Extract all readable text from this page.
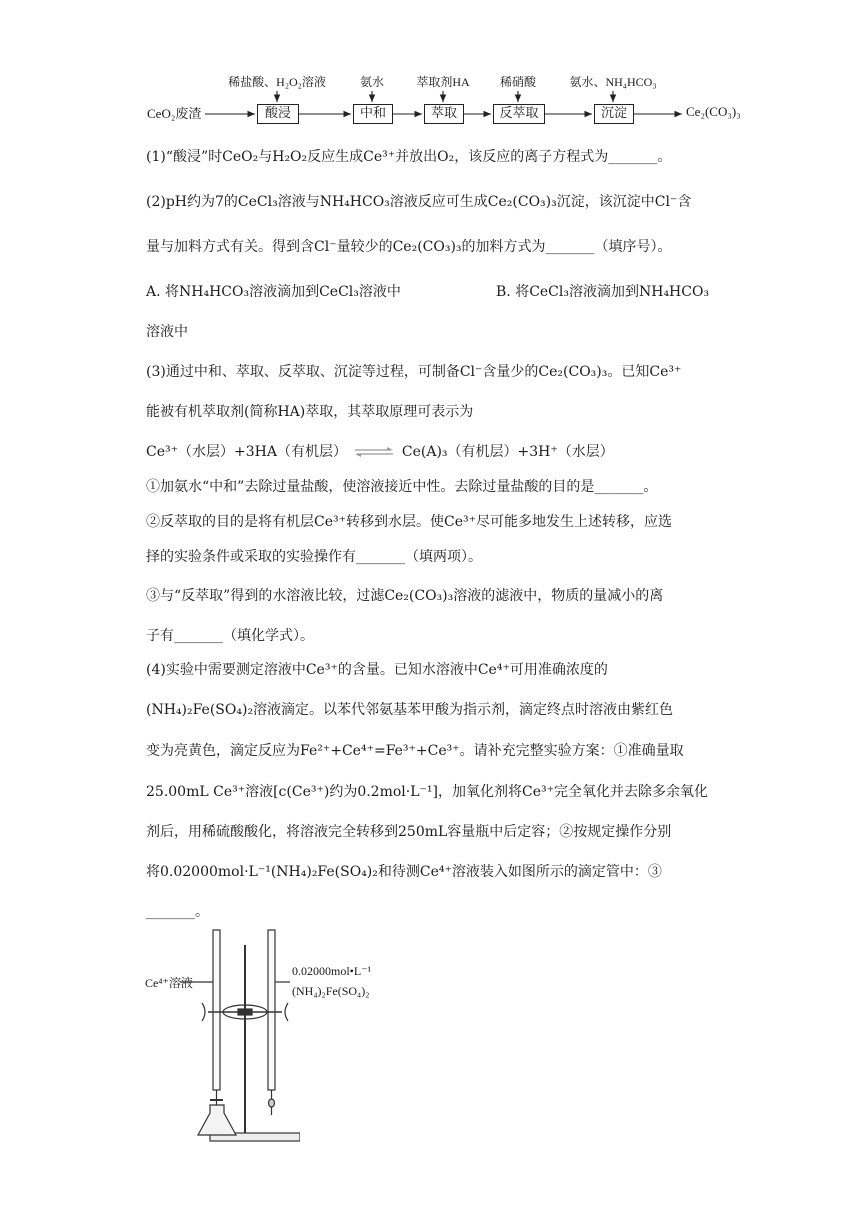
CeO₂废渣
稀盐酸、H₂O₂溶液	氨水	萃取剂HA	稀硝酸	氨水、NH₄HCO₃
酸浸	中和	萃取	反萃取	沉淀	Ce₂(CO₃)₃
(1)“酸浸”时CeO₂与H₂O₂反应生成Ce³⁺并放出O₂，该反应的离子方程式为_______。
(2)pH约为7的CeCl₃溶液与NH₄HCO₃溶液反应可生成Ce₂(CO₃)₃沉淀，该沉淀中Cl⁻含
量与加料方式有关。得到含Cl⁻量较少的Ce₂(CO₃)₃的加料方式为_______（填序号）。
A. 将NH₄HCO₃溶液滴加到CeCl₃溶液中	B. 将CeCl₃溶液滴加到NH₄HCO₃
溶液中
(3)通过中和、萃取、反萃取、沉淀等过程，可制备Cl⁻含量少的Ce₂(CO₃)₃。已知Ce³⁺
能被有机萃取剂(简称HA)萃取，其萃取原理可表示为
Ce³⁺（水层）+3HA（有机层） ⇌ Ce(A)₃（有机层）+3H⁺（水层）
①加氨水“中和”去除过量盐酸，使溶液接近中性。去除过量盐酸的目的是_______。
②反萃取的目的是将有机层Ce³⁺转移到水层。使Ce³⁺尽可能多地发生上述转移，应选
择的实验条件或采取的实验操作有_______（填两项）。
③与“反萃取”得到的水溶液比较，过滤Ce₂(CO₃)₃溶液的滤液中，物质的量减小的离
子有_______（填化学式）。
(4)实验中需要测定溶液中Ce³⁺的含量。已知水溶液中Ce⁴⁺可用准确浓度的
(NH₄)₂Fe(SO₄)₂溶液滴定。以苯代邻氨基苯甲酸为指示剂，滴定终点时溶液由紫红色
变为亮黄色，滴定反应为Fe²⁺+Ce⁴⁺=Fe³⁺+Ce³⁺。请补充完整实验方案：①准确量取
25.00mL Ce³⁺溶液[c(Ce³⁺)约为0.2mol·L⁻¹]，加氧化剂将Ce³⁺完全氧化并去除多余氧化
剂后，用稀硫酸酸化，将溶液完全转移到250mL容量瓶中后定容；②按规定操作分别
将0.02000mol·L⁻¹(NH₄)₂Fe(SO₄)₂和待测Ce⁴⁺溶液装入如图所示的滴定管中：③
_______。
Ce⁴⁺溶液
0.02000mol•L⁻¹
(NH₄)₂Fe(SO₄)₂
